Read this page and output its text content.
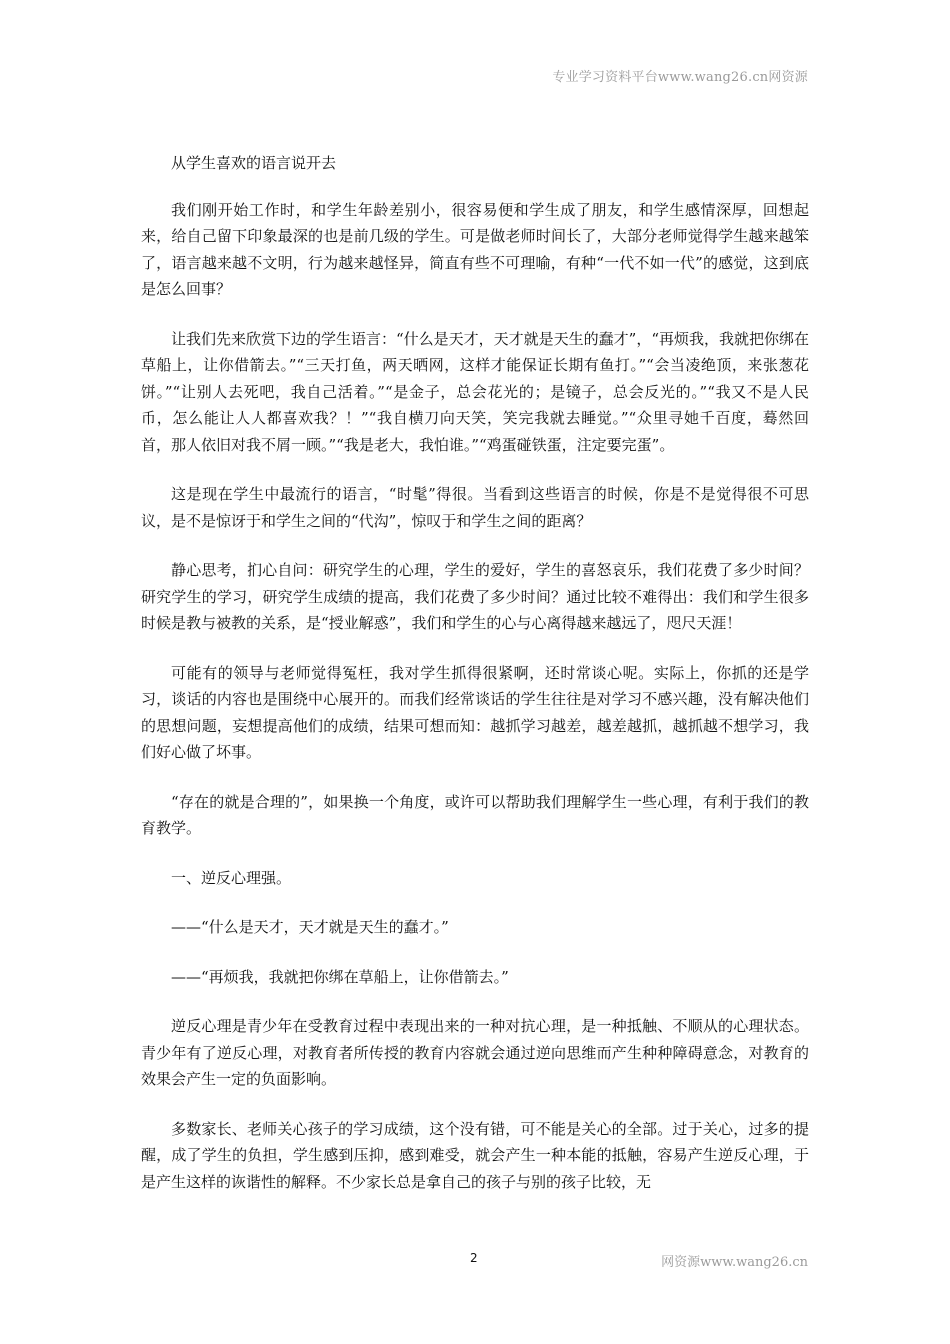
专业学习资料平台www.wang26.cn网资源

从学生喜欢的语言说开去

我们刚开始工作时，和学生年龄差别小，很容易便和学生成了朋友，和学生感情深厚，回想起来，给自己留下印象最深的也是前几级的学生。可是做老师时间长了，大部分老师觉得学生越来越笨了，语言越来越不文明，行为越来越怪异，简直有些不可理喻，有种“一代不如一代”的感觉，这到底是怎么回事？

让我们先来欣赏下边的学生语言：“什么是天才，天才就是天生的蠢才”，“再烦我，我就把你绑在草船上，让你借箭去。”“三天打鱼，两天晒网，这样才能保证长期有鱼打。”“会当凌绝顶，来张葱花饼。”“让别人去死吧，我自己活着。”“是金子，总会花光的；是镜子，总会反光的。”“我又不是人民币，怎么能让人人都喜欢我？！”“我自横刀向天笑，笑完我就去睡觉。”“众里寻她千百度，蓦然回首，那人依旧对我不屑一顾。”“我是老大，我怕谁。”“鸡蛋碰铁蛋，注定要完蛋”。

这是现在学生中最流行的语言，“时髦”得很。当看到这些语言的时候，你是不是觉得很不可思议，是不是惊讶于和学生之间的“代沟”，惊叹于和学生之间的距离？

静心思考，扪心自问：研究学生的心理，学生的爱好，学生的喜怒哀乐，我们花费了多少时间？研究学生的学习，研究学生成绩的提高，我们花费了多少时间？通过比较不难得出：我们和学生很多时候是教与被教的关系，是“授业解惑”，我们和学生的心与心离得越来越远了，咫尺天涯！

可能有的领导与老师觉得冤枉，我对学生抓得很紧啊，还时常谈心呢。实际上，你抓的还是学习，谈话的内容也是围绕中心展开的。而我们经常谈话的学生往往是对学习不感兴趣，没有解决他们的思想问题，妄想提高他们的成绩，结果可想而知：越抓学习越差，越差越抓，越抓越不想学习，我们好心做了坏事。

“存在的就是合理的”，如果换一个角度，或许可以帮助我们理解学生一些心理，有利于我们的教育教学。

一、逆反心理强。

——“什么是天才，天才就是天生的蠢才。”

——“再烦我，我就把你绑在草船上，让你借箭去。”

逆反心理是青少年在受教育过程中表现出来的一种对抗心理，是一种抵触、不顺从的心理状态。青少年有了逆反心理，对教育者所传授的教育内容就会通过逆向思维而产生种种障碍意念，对教育的效果会产生一定的负面影响。

多数家长、老师关心孩子的学习成绩，这个没有错，可不能是关心的全部。过于关心，过多的提醒，成了学生的负担，学生感到压抑，感到难受，就会产生一种本能的抵触，容易产生逆反心理，于是产生这样的诙谐性的解释。不少家长总是拿自己的孩子与别的孩子比较，无

2	网资源www.wang26.cn
